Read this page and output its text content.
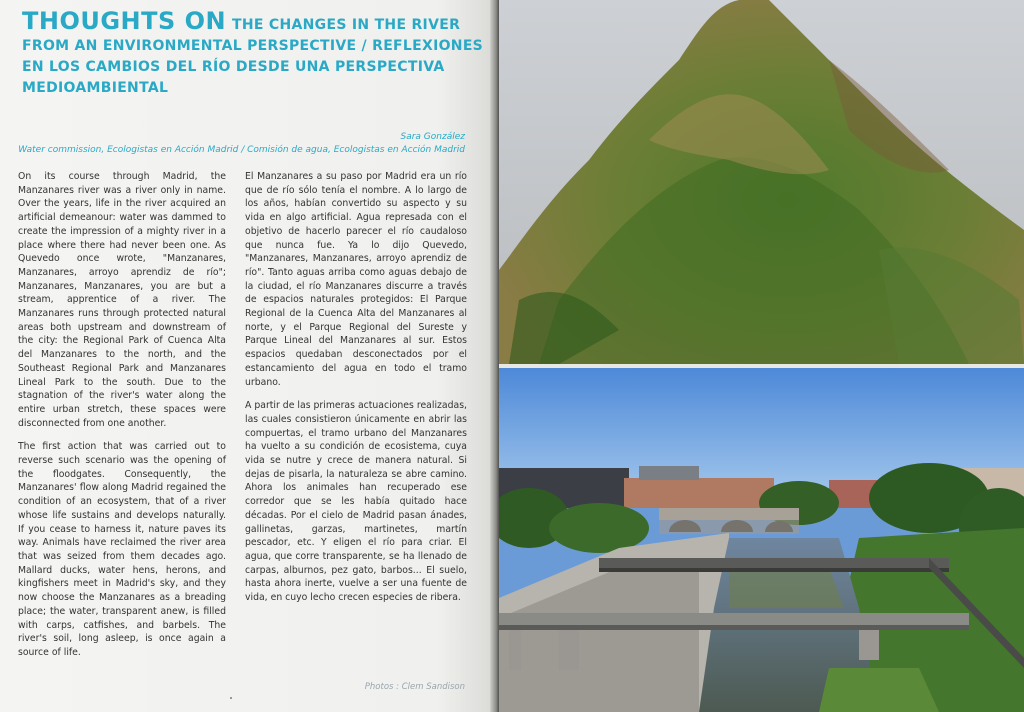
THOUGHTS ON THE CHANGES IN THE RIVER FROM AN ENVIRONMENTAL PERSPECTIVE / REFLEXIONES EN LOS CAMBIOS DEL RÍO DESDE UNA PERSPECTIVA MEDIOAMBIENTAL
Sara González
Water commission, Ecologistas en Acción Madrid / Comisión de agua, Ecologistas en Acción Madrid

On its course through Madrid, the Manzanares river was a river only in name. Over the years, life in the river acquired an artificial demeanour: water was dammed to create the impression of a mighty river in a place where there had never been one. As Quevedo once wrote, "Manzanares, Manzanares, arroyo aprendiz de río"; Manzanares, Manzanares, you are but a stream, apprentice of a river. The Manzanares runs through protected natural areas both upstream and downstream of the city: the Regional Park of Cuenca Alta del Manzanares to the north, and the Southeast Regional Park and Manzanares Lineal Park to the south. Due to the stagnation of the river's water along the entire urban stretch, these spaces were disconnected from one another.

The first action that was carried out to reverse such scenario was the opening of the floodgates. Consequently, the Manzanares' flow along Madrid regained the condition of an ecosystem, that of a river whose life sustains and develops naturally. If you cease to harness it, nature paves its way. Animals have reclaimed the river area that was seized from them decades ago. Mallard ducks, water hens, herons, and kingfishers meet in Madrid's sky, and they now choose the Manzanares as a breading place; the water, transparent anew, is filled with carps, catfishes, and barbels. The river's soil, long asleep, is once again a source of life.

El Manzanares a su paso por Madrid era un río que de río sólo tenía el nombre. A lo largo de los años, habían convertido su aspecto y su vida en algo artificial. Agua represada con el objetivo de hacerlo parecer el río caudaloso que nunca fue. Ya lo dijo Quevedo, "Manzanares, Manzanares, arroyo aprendiz de río". Tanto aguas arriba como aguas debajo de la ciudad, el río Manzanares discurre a través de espacios naturales protegidos: El Parque Regional de la Cuenca Alta del Manzanares al norte, y el Parque Regional del Sureste y Parque Lineal del Manzanares al sur. Estos espacios quedaban desconectados por el estancamiento del agua en todo el tramo urbano.

A partir de las primeras actuaciones realizadas, las cuales consistieron únicamente en abrir las compuertas, el tramo urbano del Manzanares ha vuelto a su condición de ecosistema, cuya vida se nutre y crece de manera natural. Si dejas de pisarla, la naturaleza se abre camino. Ahora los animales han recuperado ese corredor que se les había quitado hace décadas. Por el cielo de Madrid pasan ánades, gallinetas, garzas, martinetes, martín pescador, etc. Y eligen el río para criar. El agua, que corre transparente, se ha llenado de carpas, alburnos, pez gato, barbos... El suelo, hasta ahora inerte, vuelve a ser una fuente de vida, en cuyo lecho crecen especies de ribera.

Photos : Clem Sandison
